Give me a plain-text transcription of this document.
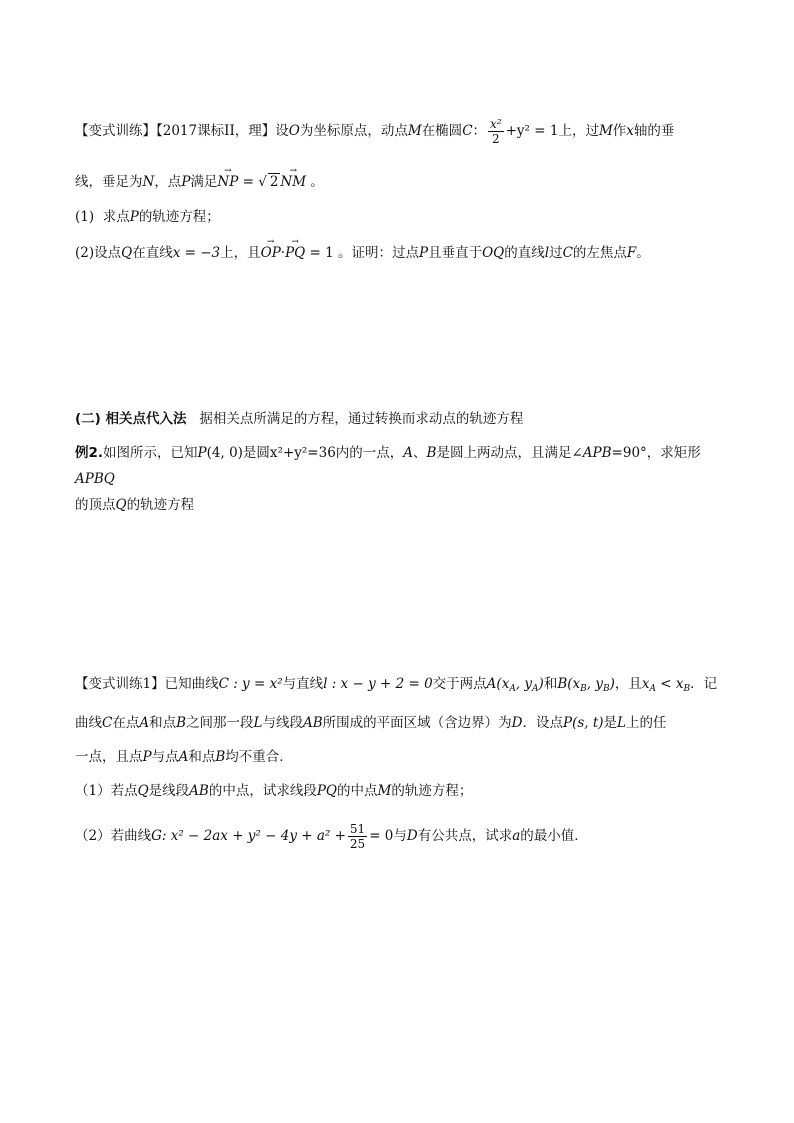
【变式训练】【2017课标II，理】设O为坐标原点，动点M在椭圆C： $\frac{\text{x²}}{2} +y^2 = 1$上，过M作x轴的垂
线，垂足为N，点P满足→ NP = √ 2→ NM 。
(1) 求点P的轨迹方程；
(2)设点Q在直线x = −3上，且→ OP·→ PQ = 1 。证明：过点P且垂直于OQ的直线l过C的左焦点F。
(二) 相关点代入法 据相关点所满足的方程，通过转换而求动点的轨迹方程
例2.如图所示，已知P(4, 0)是圆x²+y²=36内的一点，A、B是圆上两动点，且满足∠APB=90°，求矩形APBQ
的顶点Q的轨迹方程
【变式训练1】已知曲线C : y = x²与直线l : x − y + 2 = 0交于两点$A(x_A$, $y_A$)和$B(x_B$, $y_B$)，且$x_A < x_B$．记
曲线C在点A和点B之间那一段L与线段AB所围成的平面区域（含边界）为D．设点P(s, t)是L上的任
一点，且点P与点A和点B均不重合．
（1）若点Q是线段AB的中点，试求线段PQ的中点M的轨迹方程；
（2）若曲线G: $x^2 - 2ax + y^2 - 4y + a^2 + \frac{51}{25} = 0$与D有公共点，试求a的最小值．
